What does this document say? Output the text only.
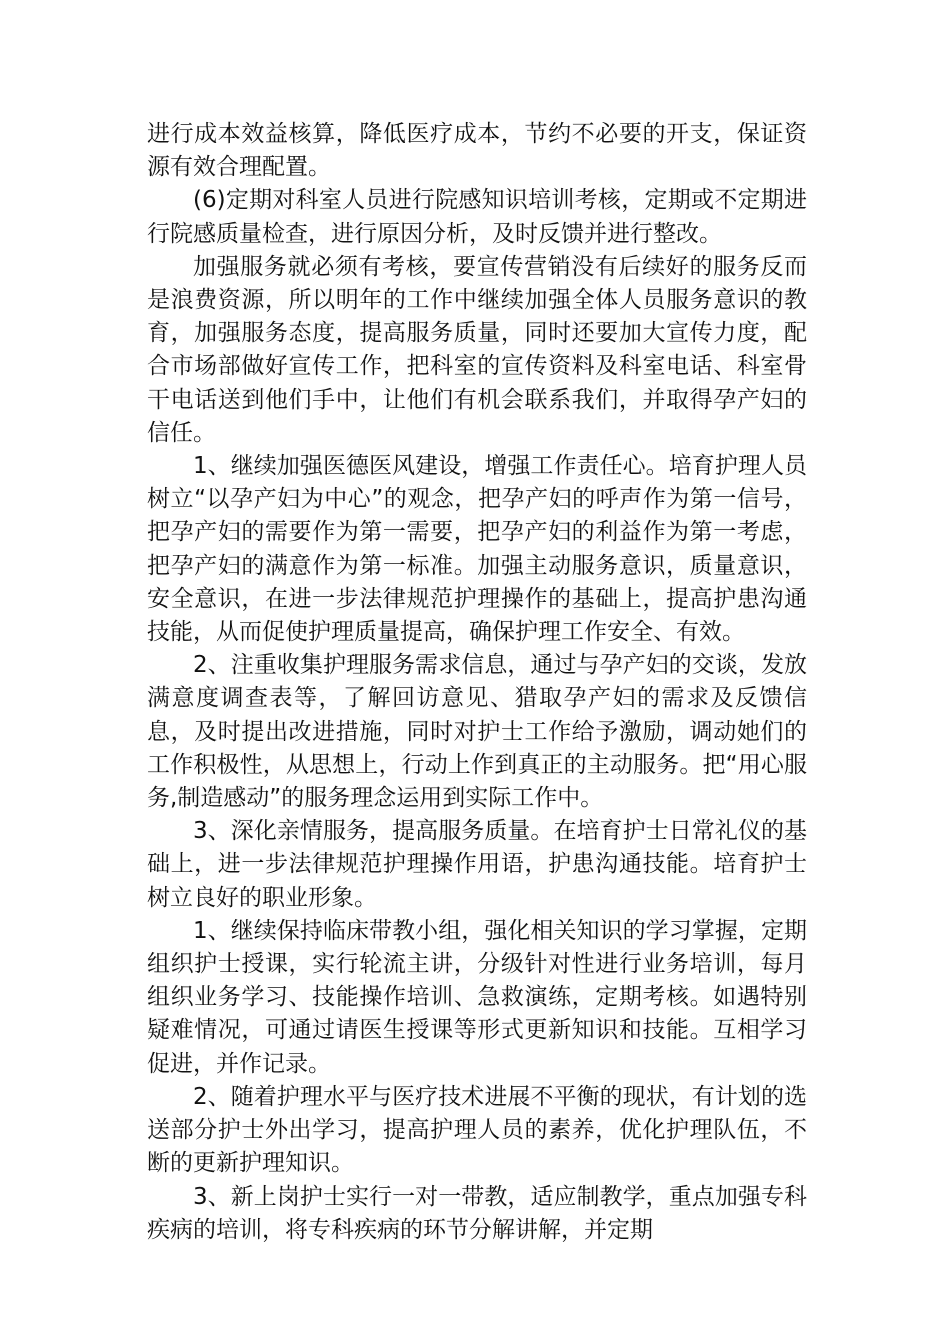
进行成本效益核算，降低医疗成本，节约不必要的开支，保证资源有效合理配置。

(6)定期对科室人员进行院感知识培训考核，定期或不定期进行院感质量检查，进行原因分析，及时反馈并进行整改。

加强服务就必须有考核，要宣传营销没有后续好的服务反而是浪费资源，所以明年的工作中继续加强全体人员服务意识的教育，加强服务态度，提高服务质量，同时还要加大宣传力度，配合市场部做好宣传工作，把科室的宣传资料及科室电话、科室骨干电话送到他们手中，让他们有机会联系我们，并取得孕产妇的信任。

1、继续加强医德医风建设，增强工作责任心。培育护理人员树立“以孕产妇为中心”的观念，把孕产妇的呼声作为第一信号，把孕产妇的需要作为第一需要，把孕产妇的利益作为第一考虑，把孕产妇的满意作为第一标准。加强主动服务意识，质量意识，安全意识，在进一步法律规范护理操作的基础上，提高护患沟通技能，从而促使护理质量提高，确保护理工作安全、有效。

2、注重收集护理服务需求信息，通过与孕产妇的交谈，发放满意度调查表等，了解回访意见、猎取孕产妇的需求及反馈信息，及时提出改进措施，同时对护士工作给予激励，调动她们的工作积极性，从思想上，行动上作到真正的主动服务。把“用心服务,制造感动”的服务理念运用到实际工作中。

3、深化亲情服务，提高服务质量。在培育护士日常礼仪的基础上，进一步法律规范护理操作用语，护患沟通技能。培育护士树立良好的职业形象。

1、继续保持临床带教小组，强化相关知识的学习掌握，定期组织护士授课，实行轮流主讲，分级针对性进行业务培训，每月组织业务学习、技能操作培训、急救演练，定期考核。如遇特别疑难情况，可通过请医生授课等形式更新知识和技能。互相学习促进，并作记录。

2、随着护理水平与医疗技术进展不平衡的现状，有计划的选送部分护士外出学习，提高护理人员的素养，优化护理队伍，不断的更新护理知识。

3、新上岗护士实行一对一带教，适应制教学，重点加强专科疾病的培训，将专科疾病的环节分解讲解，并定期
